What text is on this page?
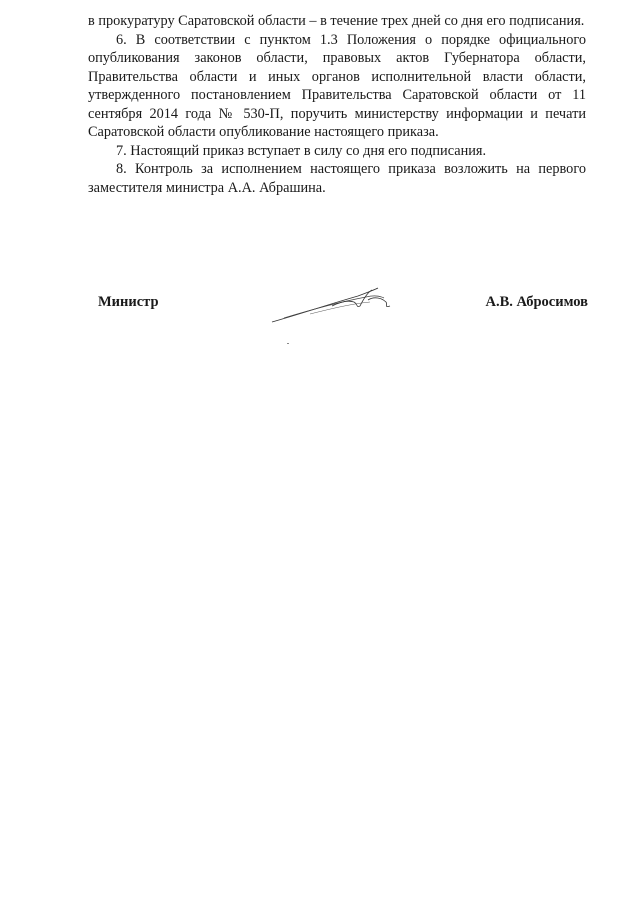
в прокуратуру Саратовской области – в течение трех дней со дня его подписания.

6. В соответствии с пунктом 1.3 Положения о порядке официального опубликования законов области, правовых актов Губернатора области, Правительства области и иных органов исполнительной власти области, утвержденного постановлением Правительства Саратовской области от 11 сентября 2014 года № 530-П, поручить министерству информации и печати Саратовской области опубликование настоящего приказа.

7. Настоящий приказ вступает в силу со дня его подписания.

8. Контроль за исполнением настоящего приказа возложить на первого заместителя министра А.А. Абрашина.

Министр	А.В. Абросимов
